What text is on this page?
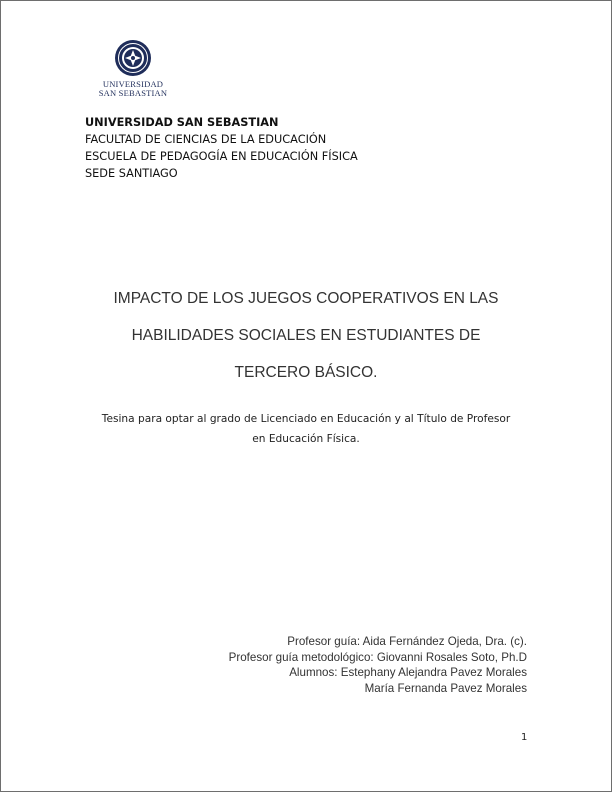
UNIVERSIDAD
SAN SEBASTIAN
UNIVERSIDAD SAN SEBASTIAN
FACULTAD DE CIENCIAS DE LA EDUCACIÓN
ESCUELA DE PEDAGOGÍA EN EDUCACIÓN FÍSICA
SEDE SANTIAGO
IMPACTO DE LOS JUEGOS COOPERATIVOS EN LAS
HABILIDADES SOCIALES EN ESTUDIANTES DE
TERCERO BÁSICO.
Tesina para optar al grado de Licenciado en Educación y al Título de Profesor
en Educación Física.
Profesor guía: Aida Fernández Ojeda, Dra. (c).
Profesor guía metodológico: Giovanni Rosales Soto, Ph.D
Alumnos: Estephany Alejandra Pavez Morales
María Fernanda Pavez Morales
1
